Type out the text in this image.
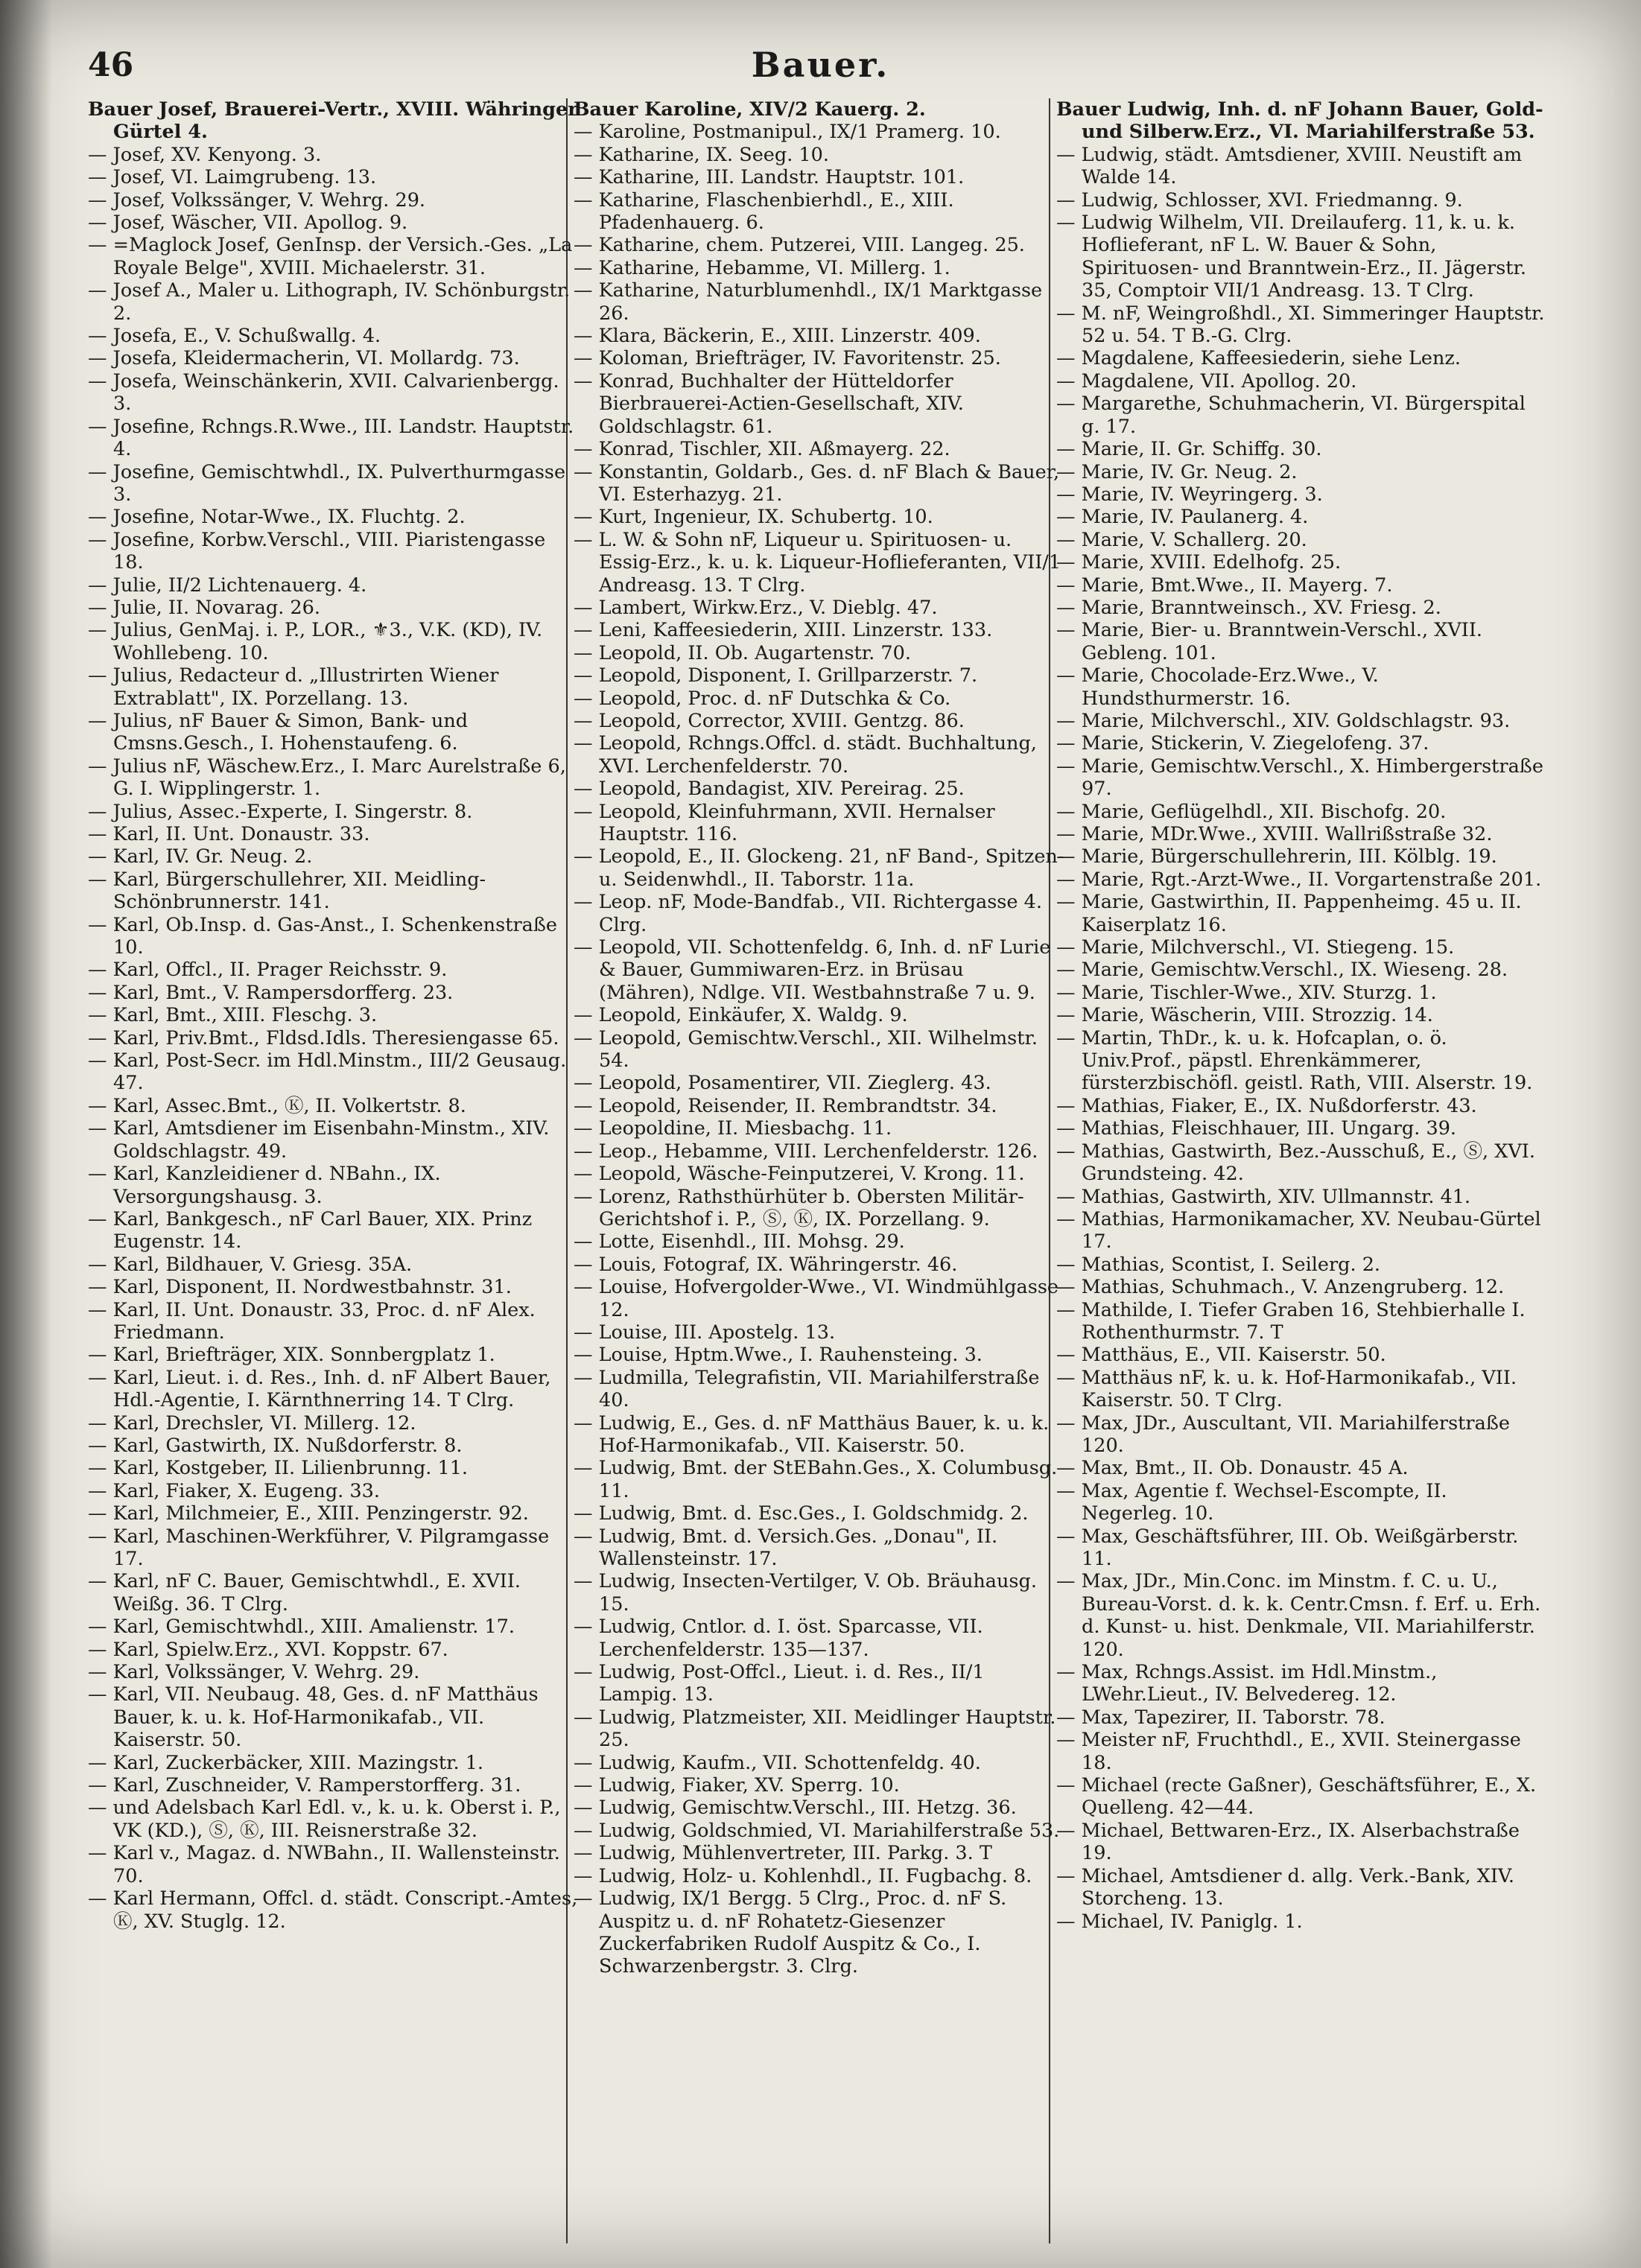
46	Bauer.
Bauer Josef, Brauerei-Vertr., XVIII. Währinger Gürtel 4.
— Josef, XV. Kenyong. 3.
— Josef, VI. Laimgrubeng. 13.
— Josef, Volkssänger, V. Wehrg. 29.
— Josef, Wäscher, VII. Apollog. 9.
— =Maglock Josef, GenInsp. der Versich.-Ges. „La Royale Belge", XVIII. Michaelerstr. 31.
— Josef A., Maler u. Lithograph, IV. Schönburgstr. 2.
— Josefa, E., V. Schußwallg. 4.
— Josefa, Kleidermacherin, VI. Mollardg. 73.
— Josefa, Weinschänkerin, XVII. Calvarienbergg. 3.
— Josefine, Rchngs.R.Wwe., III. Landstr. Hauptstr. 4.
— Josefine, Gemischtwhdl., IX. Pulverthurmgasse 3.
— Josefine, Notar-Wwe., IX. Fluchtg. 2.
— Josefine, Korbw.Verschl., VIII. Piaristengasse 18.
— Julie, II/2 Lichtenauerg. 4.
— Julie, II. Novarag. 26.
— Julius, GenMaj. i. P., LOR., ⚜3., V.K. (KD), IV. Wohllebeng. 10.
— Julius, Redacteur d. „Illustrirten Wiener Extrablatt", IX. Porzellang. 13.
— Julius, nF Bauer & Simon, Bank- und Cmsns.Gesch., I. Hohenstaufeng. 6.
— Julius nF, Wäschew.Erz., I. Marc Aurelstraße 6, G. I. Wipplingerstr. 1.
— Julius, Assec.-Experte, I. Singerstr. 8.
— Karl, II. Unt. Donaustr. 33.
— Karl, IV. Gr. Neug. 2.
— Karl, Bürgerschullehrer, XII. Meidling-Schönbrunnerstr. 141.
— Karl, Ob.Insp. d. Gas-Anst., I. Schenkenstraße 10.
— Karl, Offcl., II. Prager Reichsstr. 9.
— Karl, Bmt., V. Rampersdorfferg. 23.
— Karl, Bmt., XIII. Fleschg. 3.
— Karl, Priv.Bmt., Fldsd.Idls. Theresiengasse 65.
— Karl, Post-Secr. im Hdl.Minstm., III/2 Geusaug. 47.
— Karl, Assec.Bmt., Ⓚ, II. Volkertstr. 8.
— Karl, Amtsdiener im Eisenbahn-Minstm., XIV. Goldschlagstr. 49.
— Karl, Kanzleidiener d. NBahn., IX. Versorgungshausg. 3.
— Karl, Bankgesch., nF Carl Bauer, XIX. Prinz Eugenstr. 14.
— Karl, Bildhauer, V. Griesg. 35A.
— Karl, Disponent, II. Nordwestbahnstr. 31.
— Karl, II. Unt. Donaustr. 33, Proc. d. nF Alex. Friedmann.
— Karl, Briefträger, XIX. Sonnbergplatz 1.
— Karl, Lieut. i. d. Res., Inh. d. nF Albert Bauer, Hdl.-Agentie, I. Kärnthnerring 14. T Clrg.
— Karl, Drechsler, VI. Millerg. 12.
— Karl, Gastwirth, IX. Nußdorferstr. 8.
— Karl, Kostgeber, II. Lilienbrunng. 11.
— Karl, Fiaker, X. Eugeng. 33.
— Karl, Milchmeier, E., XIII. Penzingerstr. 92.
— Karl, Maschinen-Werkführer, V. Pilgramgasse 17.
— Karl, nF C. Bauer, Gemischtwhdl., E. XVII. Weißg. 36. T Clrg.
— Karl, Gemischtwhdl., XIII. Amalienstr. 17.
— Karl, Spielw.Erz., XVI. Koppstr. 67.
— Karl, Volkssänger, V. Wehrg. 29.
— Karl, VII. Neubaug. 48, Ges. d. nF Matthäus Bauer, k. u. k. Hof-Harmonikafab., VII. Kaiserstr. 50.
— Karl, Zuckerbäcker, XIII. Mazingstr. 1.
— Karl, Zuschneider, V. Ramperstorfferg. 31.
— und Adelsbach Karl Edl. v., k. u. k. Oberst i. P., VK (KD.), Ⓢ, Ⓚ, III. Reisnerstraße 32.
— Karl v., Magaz. d. NWBahn., II. Wallensteinstr. 70.
— Karl Hermann, Offcl. d. städt. Conscript.-Amtes, Ⓚ, XV. Stuglg. 12.
Bauer Karoline, XIV/2 Kauerg. 2.
— Karoline, Postmanipul., IX/1 Pramerg. 10.
— Katharine, IX. Seeg. 10.
— Katharine, III. Landstr. Hauptstr. 101.
— Katharine, Flaschenbierhdl., E., XIII. Pfadenhauerg. 6.
— Katharine, chem. Putzerei, VIII. Langeg. 25.
— Katharine, Hebamme, VI. Millerg. 1.
— Katharine, Naturblumenhdl., IX/1 Marktgasse 26.
— Klara, Bäckerin, E., XIII. Linzerstr. 409.
— Koloman, Briefträger, IV. Favoritenstr. 25.
— Konrad, Buchhalter der Hütteldorfer Bierbrauerei-Actien-Gesellschaft, XIV. Goldschlagstr. 61.
— Konrad, Tischler, XII. Aßmayerg. 22.
— Konstantin, Goldarb., Ges. d. nF Blach & Bauer, VI. Esterhazyg. 21.
— Kurt, Ingenieur, IX. Schubertg. 10.
— L. W. & Sohn nF, Liqueur u. Spirituosen- u. Essig-Erz., k. u. k. Liqueur-Hoflieferanten, VII/1 Andreasg. 13. T Clrg.
— Lambert, Wirkw.Erz., V. Dieblg. 47.
— Leni, Kaffeesiederin, XIII. Linzerstr. 133.
— Leopold, II. Ob. Augartenstr. 70.
— Leopold, Disponent, I. Grillparzerstr. 7.
— Leopold, Proc. d. nF Dutschka & Co.
— Leopold, Corrector, XVIII. Gentzg. 86.
— Leopold, Rchngs.Offcl. d. städt. Buchhaltung, XVI. Lerchenfelderstr. 70.
— Leopold, Bandagist, XIV. Pereirag. 25.
— Leopold, Kleinfuhrmann, XVII. Hernalser Hauptstr. 116.
— Leopold, E., II. Glockeng. 21, nF Band-, Spitzen- u. Seidenwhdl., II. Taborstr. 11a.
— Leop. nF, Mode-Bandfab., VII. Richtergasse 4. Clrg.
— Leopold, VII. Schottenfeldg. 6, Inh. d. nF Lurie & Bauer, Gummiwaren-Erz. in Brüsau (Mähren), Ndlge. VII. Westbahnstraße 7 u. 9.
— Leopold, Einkäufer, X. Waldg. 9.
— Leopold, Gemischtw.Verschl., XII. Wilhelmstr. 54.
— Leopold, Posamentirer, VII. Zieglerg. 43.
— Leopold, Reisender, II. Rembrandtstr. 34.
— Leopoldine, II. Miesbachg. 11.
— Leop., Hebamme, VIII. Lerchenfelderstr. 126.
— Leopold, Wäsche-Feinputzerei, V. Krong. 11.
— Lorenz, Rathsthürhüter b. Obersten Militär-Gerichtshof i. P., Ⓢ, Ⓚ, IX. Porzellang. 9.
— Lotte, Eisenhdl., III. Mohsg. 29.
— Louis, Fotograf, IX. Währingerstr. 46.
— Louise, Hofvergolder-Wwe., VI. Windmühlgasse 12.
— Louise, III. Apostelg. 13.
— Louise, Hptm.Wwe., I. Rauhensteing. 3.
— Ludmilla, Telegrafistin, VII. Mariahilferstraße 40.
— Ludwig, E., Ges. d. nF Matthäus Bauer, k. u. k. Hof-Harmonikafab., VII. Kaiserstr. 50.
— Ludwig, Bmt. der StEBahn.Ges., X. Columbusg. 11.
— Ludwig, Bmt. d. Esc.Ges., I. Goldschmidg. 2.
— Ludwig, Bmt. d. Versich.Ges. „Donau", II. Wallensteinstr. 17.
— Ludwig, Insecten-Vertilger, V. Ob. Bräuhausg. 15.
— Ludwig, Cntlor. d. I. öst. Sparcasse, VII. Lerchenfelderstr. 135—137.
— Ludwig, Post-Offcl., Lieut. i. d. Res., II/1 Lampig. 13.
— Ludwig, Platzmeister, XII. Meidlinger Hauptstr. 25.
— Ludwig, Kaufm., VII. Schottenfeldg. 40.
— Ludwig, Fiaker, XV. Sperrg. 10.
— Ludwig, Gemischtw.Verschl., III. Hetzg. 36.
— Ludwig, Goldschmied, VI. Mariahilferstraße 53.
— Ludwig, Mühlenvertreter, III. Parkg. 3. T
— Ludwig, Holz- u. Kohlenhdl., II. Fugbachg. 8.
— Ludwig, IX/1 Bergg. 5 Clrg., Proc. d. nF S. Auspitz u. d. nF Rohatetz-Giesenzer Zuckerfabriken Rudolf Auspitz & Co., I. Schwarzenbergstr. 3. Clrg.
Bauer Ludwig, Inh. d. nF Johann Bauer, Gold- und Silberw.Erz., VI. Mariahilferstraße 53.
— Ludwig, städt. Amtsdiener, XVIII. Neustift am Walde 14.
— Ludwig, Schlosser, XVI. Friedmanng. 9.
— Ludwig Wilhelm, VII. Dreilauferg. 11, k. u. k. Hoflieferant, nF L. W. Bauer & Sohn, Spirituosen- und Branntwein-Erz., II. Jägerstr. 35, Comptoir VII/1 Andreasg. 13. T Clrg.
— M. nF, Weingroßhdl., XI. Simmeringer Hauptstr. 52 u. 54. T B.-G. Clrg.
— Magdalene, Kaffeesiederin, siehe Lenz.
— Magdalene, VII. Apollog. 20.
— Margarethe, Schuhmacherin, VI. Bürgerspital g. 17.
— Marie, II. Gr. Schiffg. 30.
— Marie, IV. Gr. Neug. 2.
— Marie, IV. Weyringerg. 3.
— Marie, IV. Paulanerg. 4.
— Marie, V. Schallerg. 20.
— Marie, XVIII. Edelhofg. 25.
— Marie, Bmt.Wwe., II. Mayerg. 7.
— Marie, Branntweinsch., XV. Friesg. 2.
— Marie, Bier- u. Branntwein-Verschl., XVII. Gebleng. 101.
— Marie, Chocolade-Erz.Wwe., V. Hundsthurmerstr. 16.
— Marie, Milchverschl., XIV. Goldschlagstr. 93.
— Marie, Stickerin, V. Ziegelofeng. 37.
— Marie, Gemischtw.Verschl., X. Himbergerstraße 97.
— Marie, Geflügelhdl., XII. Bischofg. 20.
— Marie, MDr.Wwe., XVIII. Wallrißstraße 32.
— Marie, Bürgerschullehrerin, III. Kölblg. 19.
— Marie, Rgt.-Arzt-Wwe., II. Vorgartenstraße 201.
— Marie, Gastwirthin, II. Pappenheimg. 45 u. II. Kaiserplatz 16.
— Marie, Milchverschl., VI. Stiegeng. 15.
— Marie, Gemischtw.Verschl., IX. Wieseng. 28.
— Marie, Tischler-Wwe., XIV. Sturzg. 1.
— Marie, Wäscherin, VIII. Strozzig. 14.
— Martin, ThDr., k. u. k. Hofcaplan, o. ö. Univ.Prof., päpstl. Ehrenkämmerer, fürsterzbischöfl. geistl. Rath, VIII. Alserstr. 19.
— Mathias, Fiaker, E., IX. Nußdorferstr. 43.
— Mathias, Fleischhauer, III. Ungarg. 39.
— Mathias, Gastwirth, Bez.-Ausschuß, E., Ⓢ, XVI. Grundsteing. 42.
— Mathias, Gastwirth, XIV. Ullmannstr. 41.
— Mathias, Harmonikamacher, XV. Neubau-Gürtel 17.
— Mathias, Scontist, I. Seilerg. 2.
— Mathias, Schuhmach., V. Anzengruberg. 12.
— Mathilde, I. Tiefer Graben 16, Stehbierhalle I. Rothenthurmstr. 7. T
— Matthäus, E., VII. Kaiserstr. 50.
— Matthäus nF, k. u. k. Hof-Harmonikafab., VII. Kaiserstr. 50. T Clrg.
— Max, JDr., Auscultant, VII. Mariahilferstraße 120.
— Max, Bmt., II. Ob. Donaustr. 45 A.
— Max, Agentie f. Wechsel-Escompte, II. Negerleg. 10.
— Max, Geschäftsführer, III. Ob. Weißgärberstr. 11.
— Max, JDr., Min.Conc. im Minstm. f. C. u. U., Bureau-Vorst. d. k. k. Centr.Cmsn. f. Erf. u. Erh. d. Kunst- u. hist. Denkmale, VII. Mariahilferstr. 120.
— Max, Rchngs.Assist. im Hdl.Minstm., LWehr.Lieut., IV. Belvedereg. 12.
— Max, Tapezirer, II. Taborstr. 78.
— Meister nF, Fruchthdl., E., XVII. Steinergasse 18.
— Michael (recte Gaßner), Geschäftsführer, E., X. Quelleng. 42—44.
— Michael, Bettwaren-Erz., IX. Alserbachstraße 19.
— Michael, Amtsdiener d. allg. Verk.-Bank, XIV. Storcheng. 13.
— Michael, IV. Paniglg. 1.
